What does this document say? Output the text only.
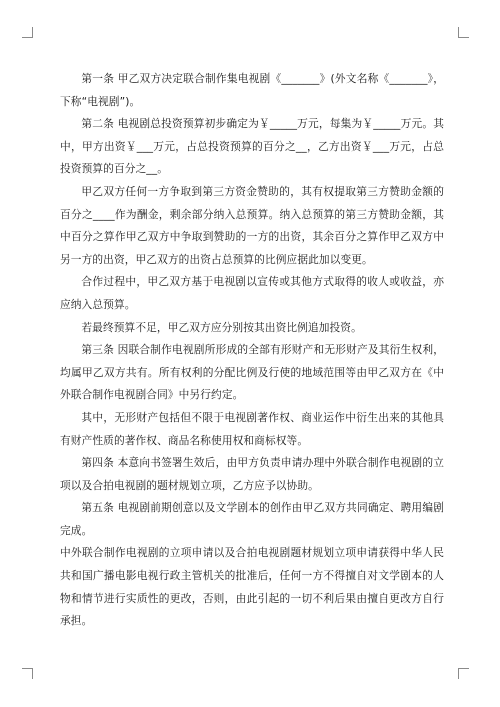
第一条 甲乙双方决定联合制作集电视剧《_______》(外文名称《_______》，下称“电视剧”)。

第二条 电视剧总投资预算初步确定为￥_____万元，每集为￥_____万元。其中，甲方出资￥___万元，占总投资预算的百分之__，乙方出资￥___万元，占总投资预算的百分之__。

甲乙双方任何一方争取到第三方资金赞助的，其有权提取第三方赞助金额的百分之____作为酬金，剩余部分纳入总预算。纳入总预算的第三方赞助金额，其中百分之算作甲乙双方中争取到赞助的一方的出资，其余百分之算作甲乙双方中另一方的出资，甲乙双方的出资占总预算的比例应据此加以变更。

合作过程中，甲乙双方基于电视剧以宣传或其他方式取得的收人或收益，亦应纳入总预算。

若最终预算不足，甲乙双方应分别按其出资比例追加投资。

第三条 因联合制作电视剧所形成的全部有形财产和无形财产及其衍生权利，均属甲乙双方共有。所有权利的分配比例及行使的地域范围等由甲乙双方在《中外联合制作电视剧合同》中另行约定。

其中，无形财产包括但不限于电视剧著作权、商业运作中衍生出来的其他具有财产性质的著作权、商品名称使用权和商标权等。

第四条 本意向书签署生效后，由甲方负责申请办理中外联合制作电视剧的立项以及合拍电视剧的题材规划立项，乙方应予以协助。

第五条 电视剧前期创意以及文学剧本的创作由甲乙双方共同确定、聘用编剧完成。

中外联合制作电视剧的立项申请以及合拍电视剧题材规划立项申请获得中华人民共和国广播电影电视行政主管机关的批准后，任何一方不得擅自对文学剧本的人物和情节进行实质性的更改，否则，由此引起的一切不利后果由擅自更改方自行承担。
